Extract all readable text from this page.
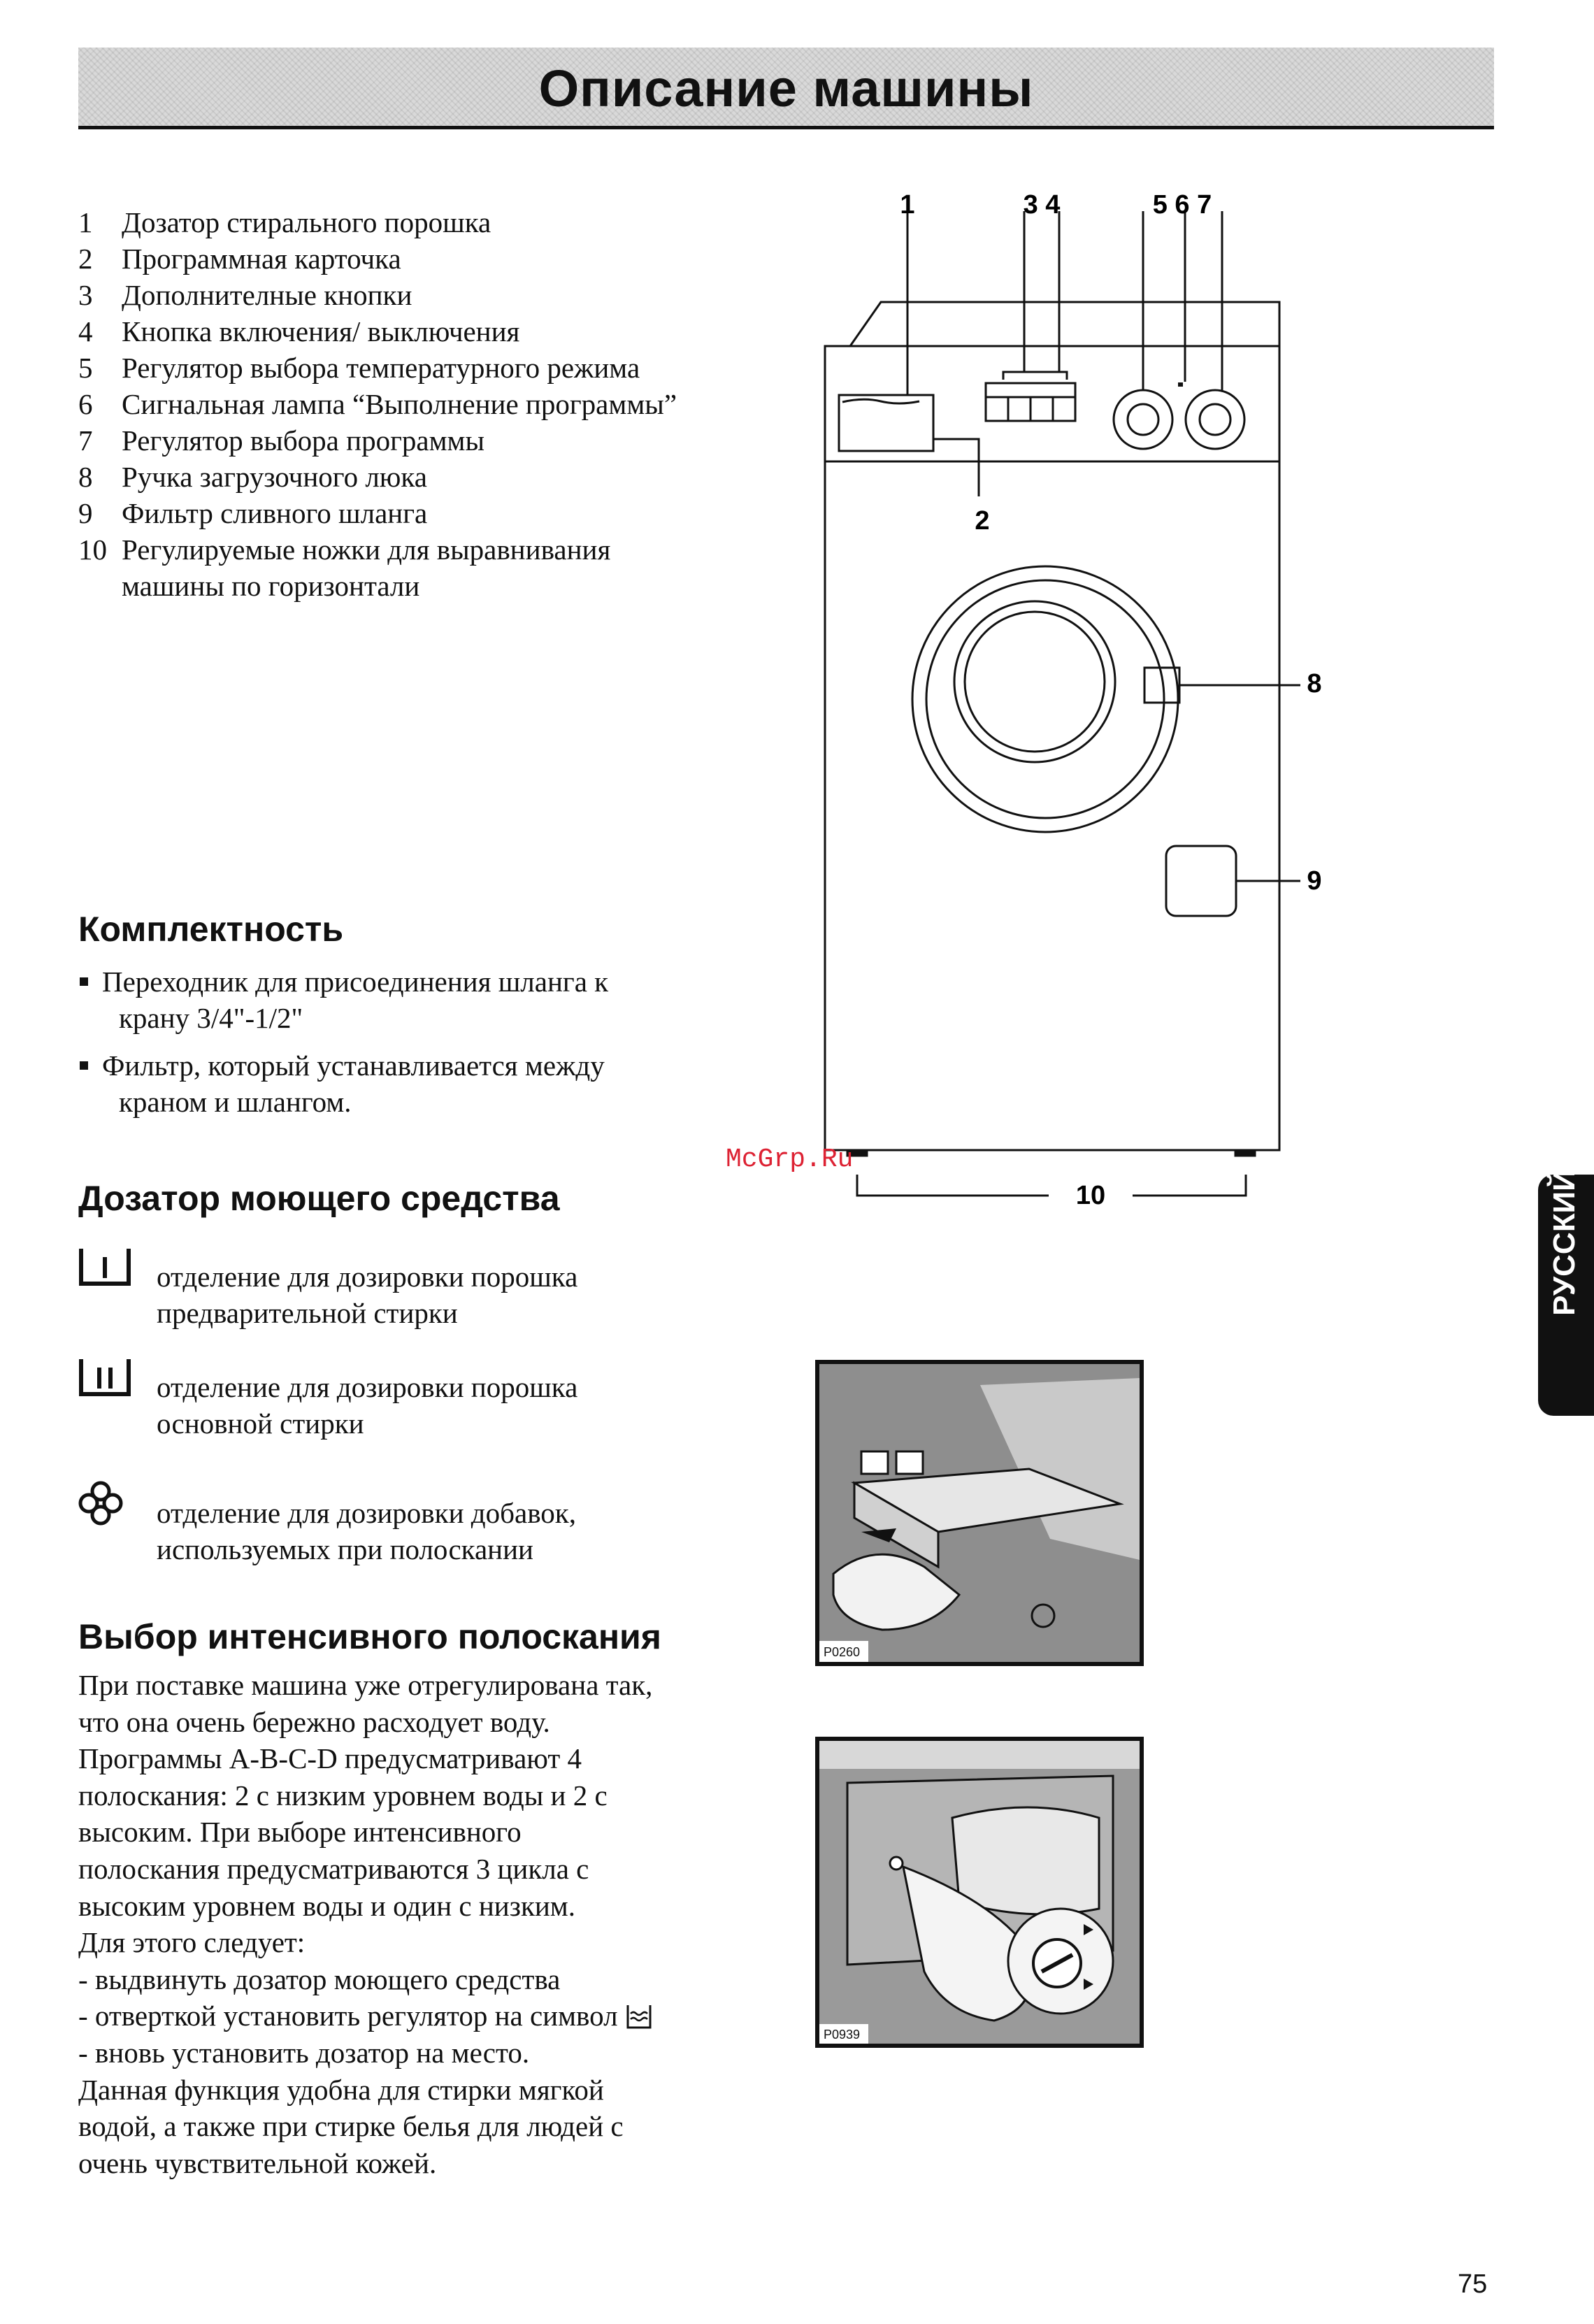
Описание машины
1	Дозатор стирального порошка
2	Программная карточка
3	Дополнителные кнопки
4	Кнопка включения/ выключения
5	Регулятор выбора температурного режима
6	Сигнальная лампа “Выполнение программы”
7	Регулятор выбора программы
8	Ручка загрузочного люка
9	Фильтр сливного шланга
10 Регулируемые ножки для выравнивания
машины по горизонтали
1	3 4	5 6 7
2
8
9
10
Комплектность
Переходник для присоединения шланга к
крану 3/4"-1/2"
Фильтр, который устанавливается между
краном и шлангом.
McGrp.Ru
Дозатор моющего средства
отделение для дозировки порошка
предварительной стирки
отделение для дозировки порошка
основной стирки
отделение для дозировки добавок,
используемых при полоскании
Выбор интенсивного полоскания
При поставке машина уже отрегулирована так,
что она очень бережно расходует воду.
Программы A-B-C-D предусматривают 4
полоскания: 2 с низким уровнем воды и 2 с
высоким. При выборе интенсивного
полоскания предусматриваются 3 цикла с
высоким уровнем воды и один с низким.
Для этого следует:
- выдвинуть дозатор моющего средства
- отверткой установить регулятор на символ
- вновь установить дозатор на место.
Данная функция удобна для стирки мягкой
водой, а также при стирке белья для людей с
очень чувствительной кожей.
P0260
P0939
РУССКИЙ
75
